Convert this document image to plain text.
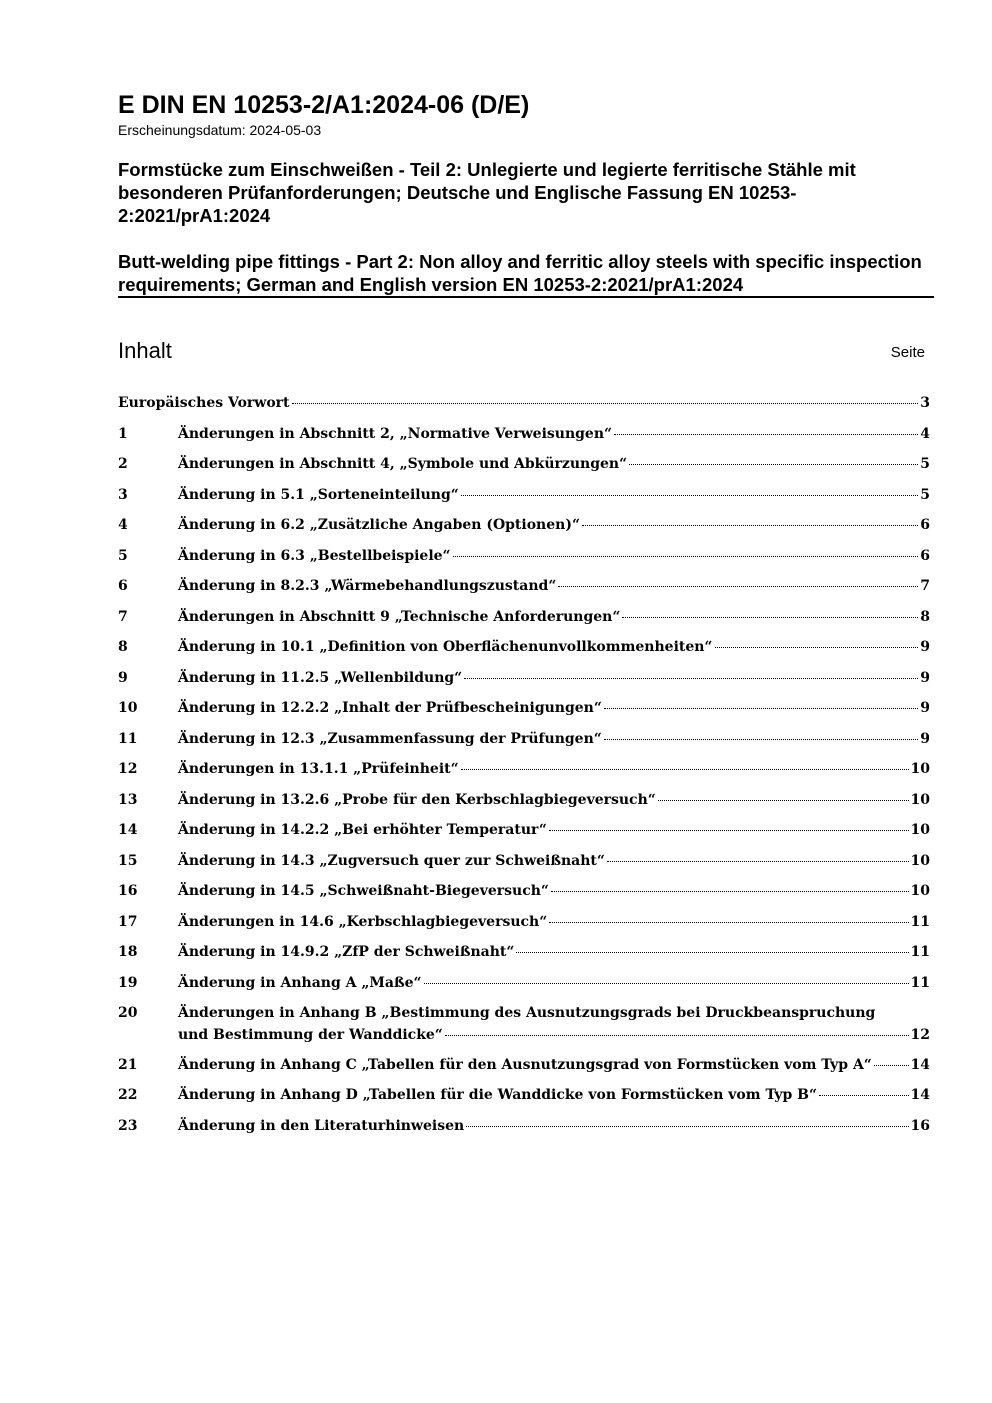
E DIN EN 10253-2/A1:2024-06 (D/E)
Erscheinungsdatum: 2024-05-03
Formstücke zum Einschweißen - Teil 2: Unlegierte und legierte ferritische Stähle mit besonderen Prüfanforderungen; Deutsche und Englische Fassung EN 10253-2:2021/prA1:2024
Butt-welding pipe fittings - Part 2: Non alloy and ferritic alloy steels with specific inspection requirements; German and English version EN 10253-2:2021/prA1:2024
Inhalt	Seite
Europäisches Vorwort	3
1	Änderungen in Abschnitt 2, „Normative Verweisungen“	4
2	Änderungen in Abschnitt 4, „Symbole und Abkürzungen“	5
3	Änderung in 5.1 „Sorteneinteilung“	5
4	Änderung in 6.2 „Zusätzliche Angaben (Optionen)“	6
5	Änderung in 6.3 „Bestellbeispiele“	6
6	Änderung in 8.2.3 „Wärmebehandlungszustand“	7
7	Änderungen in Abschnitt 9 „Technische Anforderungen“	8
8	Änderung in 10.1 „Definition von Oberflächenunvollkommenheiten“	9
9	Änderung in 11.2.5 „Wellenbildung“	9
10	Änderung in 12.2.2 „Inhalt der Prüfbescheinigungen“	9
11	Änderung in 12.3 „Zusammenfassung der Prüfungen“	9
12	Änderungen in 13.1.1 „Prüfeinheit“	10
13	Änderung in 13.2.6 „Probe für den Kerbschlagbiegeversuch“	10
14	Änderung in 14.2.2 „Bei erhöhter Temperatur“	10
15	Änderung in 14.3 „Zugversuch quer zur Schweißnaht“	10
16	Änderung in 14.5 „Schweißnaht-Biegeversuch“	10
17	Änderungen in 14.6 „Kerbschlagbiegeversuch“	11
18	Änderung in 14.9.2 „ZfP der Schweißnaht“	11
19	Änderung in Anhang A „Maße“	11
20	Änderungen in Anhang B „Bestimmung des Ausnutzungsgrads bei Druckbeanspruchung
und Bestimmung der Wanddicke“	12
21	Änderung in Anhang C „Tabellen für den Ausnutzungsgrad von Formstücken vom Typ A“	14
22	Änderung in Anhang D „Tabellen für die Wanddicke von Formstücken vom Typ B“	14
23	Änderung in den Literaturhinweisen	16
